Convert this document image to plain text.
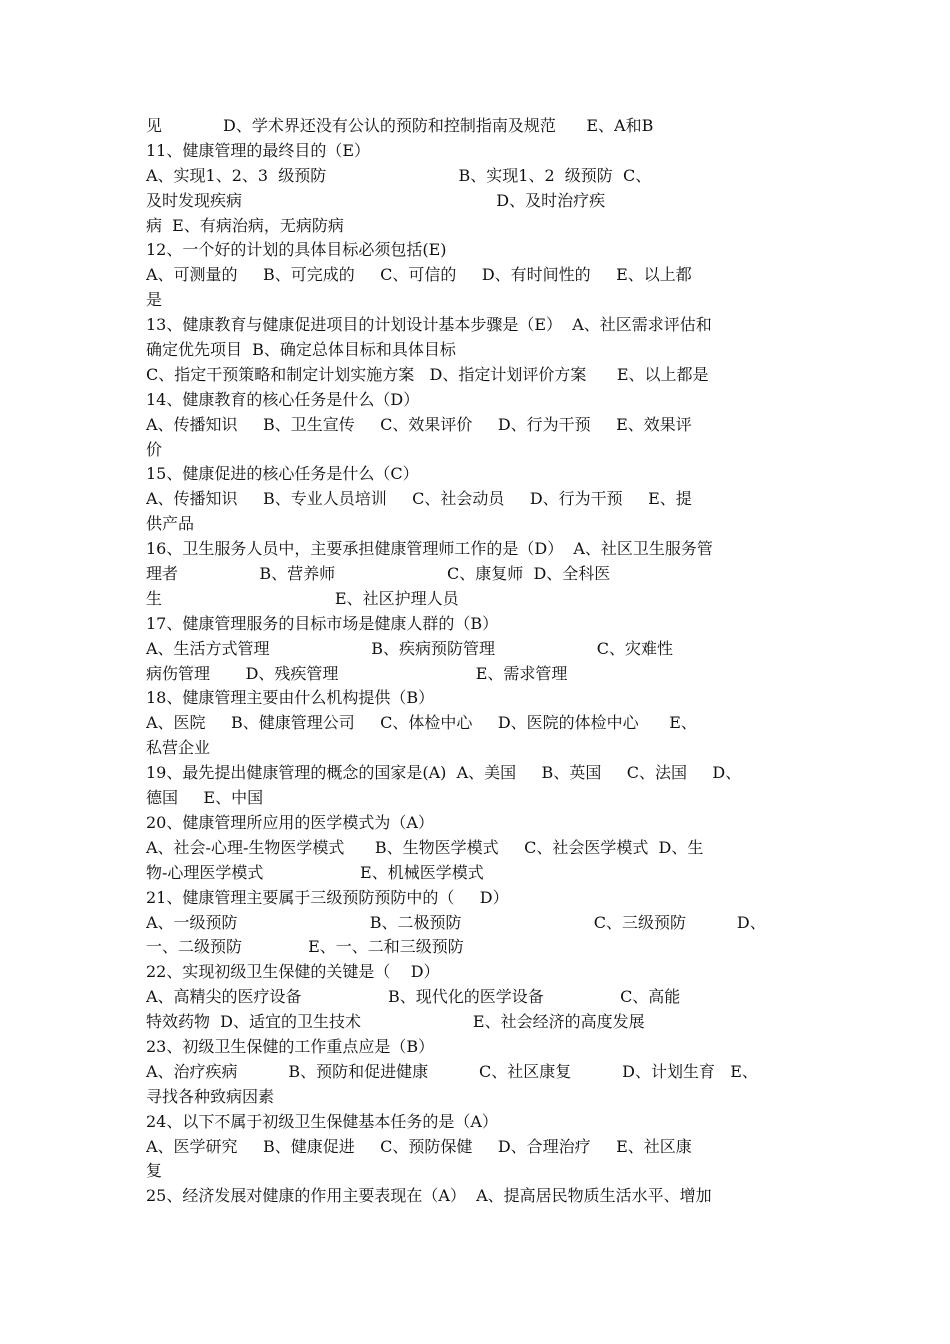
见            D、学术界还没有公认的预防和控制指南及规范      E、A和B
11、健康管理的最终目的（E）
A、实现1、2、3  级预防                          B、实现1、2  级预防  C、
及时发现疾病                                                  D、及时治疗疾
病  E、有病治病，无病防病
12、一个好的计划的具体目标必须包括(E)
A、可测量的     B、可完成的     C、可信的     D、有时间性的     E、以上都
是
13、健康教育与健康促进项目的计划设计基本步骤是（E）  A、社区需求评估和
确定优先项目  B、确定总体目标和具体目标
C、指定干预策略和制定计划实施方案   D、指定计划评价方案      E、以上都是
14、健康教育的核心任务是什么（D）
A、传播知识     B、卫生宣传     C、效果评价     D、行为干预     E、效果评
价
15、健康促进的核心任务是什么（C）
A、传播知识     B、专业人员培训     C、社会动员     D、行为干预     E、提
供产品
16、卫生服务人员中，主要承担健康管理师工作的是（D）  A、社区卫生服务管
理者                B、营养师                      C、康复师  D、全科医
生                                  E、社区护理人员
17、健康管理服务的目标市场是健康人群的（B）
A、生活方式管理                    B、疾病预防管理                    C、灾难性
病伤管理       D、残疾管理                           E、需求管理
18、健康管理主要由什么机构提供（B）
A、医院     B、健康管理公司     C、体检中心     D、医院的体检中心      E、
私营企业
19、最先提出健康管理的概念的国家是(A)  A、美国     B、英国     C、法国     D、
德国     E、中国
20、健康管理所应用的医学模式为（A）
A、社会-心理-生物医学模式      B、生物医学模式     C、社会医学模式  D、生
物-心理医学模式                   E、机械医学模式
21、健康管理主要属于三级预防预防中的（     D）
A、一级预防                          B、二极预防                          C、三级预防          D、
一、二级预防             E、一、二和三级预防
22、实现初级卫生保健的关键是（    D）
A、高精尖的医疗设备                 B、现代化的医学设备               C、高能
特效药物  D、适宜的卫生技术                      E、社会经济的高度发展
23、初级卫生保健的工作重点应是（B）
A、治疗疾病          B、预防和促进健康          C、社区康复          D、计划生育   E、
寻找各种致病因素
24、以下不属于初级卫生保健基本任务的是（A）
A、医学研究     B、健康促进     C、预防保健     D、合理治疗     E、社区康
复
25、经济发展对健康的作用主要表现在（A）  A、提高居民物质生活水平、增加
